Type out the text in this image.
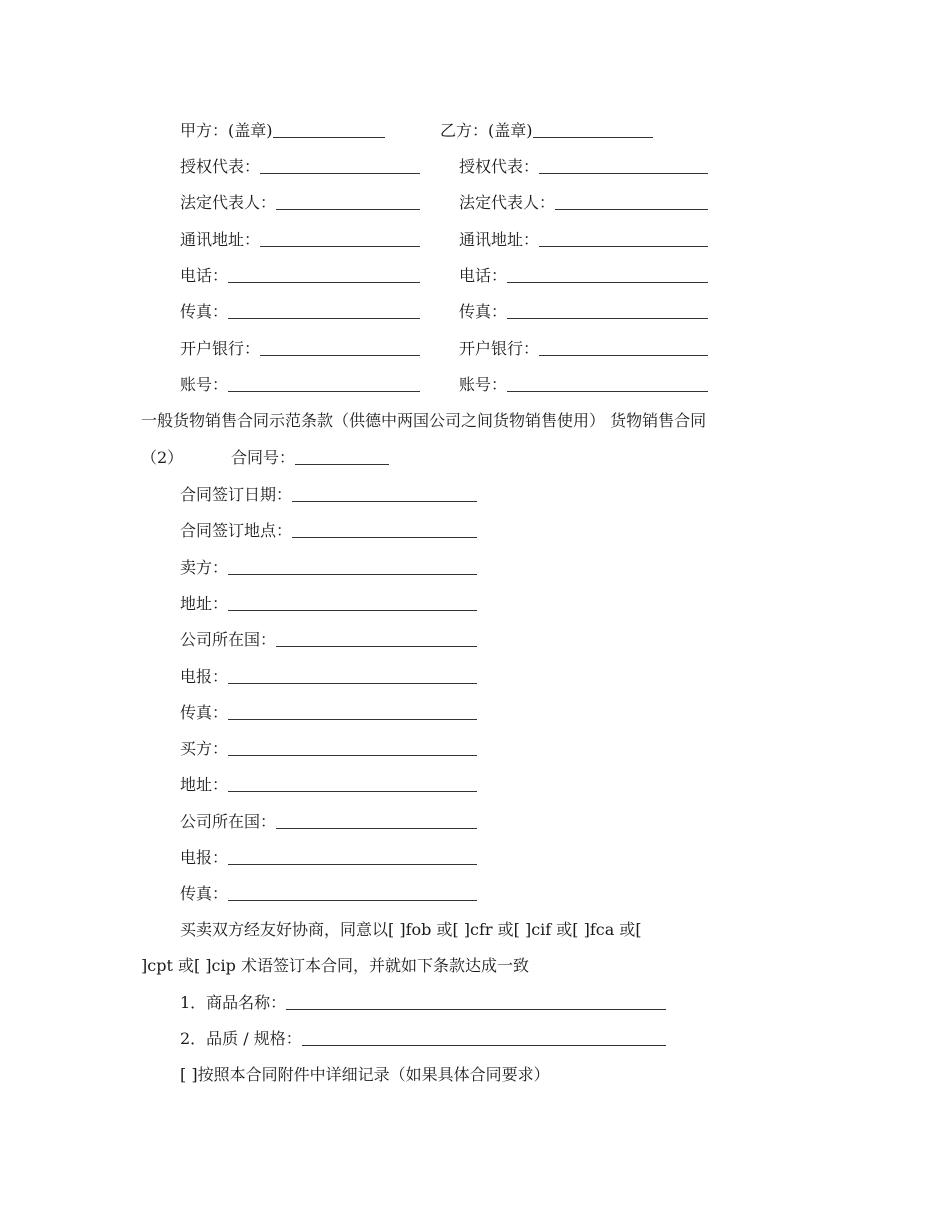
甲方：(盖章)	乙方：(盖章)
授权代表：	授权代表：
法定代表人：	法定代表人：
通讯地址：	通讯地址：
电话：	电话：
传真：	传真：
开户银行：	开户银行：
账号：	账号：
一般货物销售合同示范条款（供德中两国公司之间货物销售使用） 货物销售合同
（2）	合同号：
合同签订日期：
合同签订地点：
卖方：
地址：
公司所在国：
电报：
传真：
买方：
地址：
公司所在国：
电报：
传真：
买卖双方经友好协商，同意以[ ]fob 或[ ]cfr 或[ ]cif 或[ ]fca 或[
]cpt 或[ ]cip 术语签订本合同，并就如下条款达成一致
1．商品名称：
2．品质 / 规格：
[ ]按照本合同附件中详细记录（如果具体合同要求）
